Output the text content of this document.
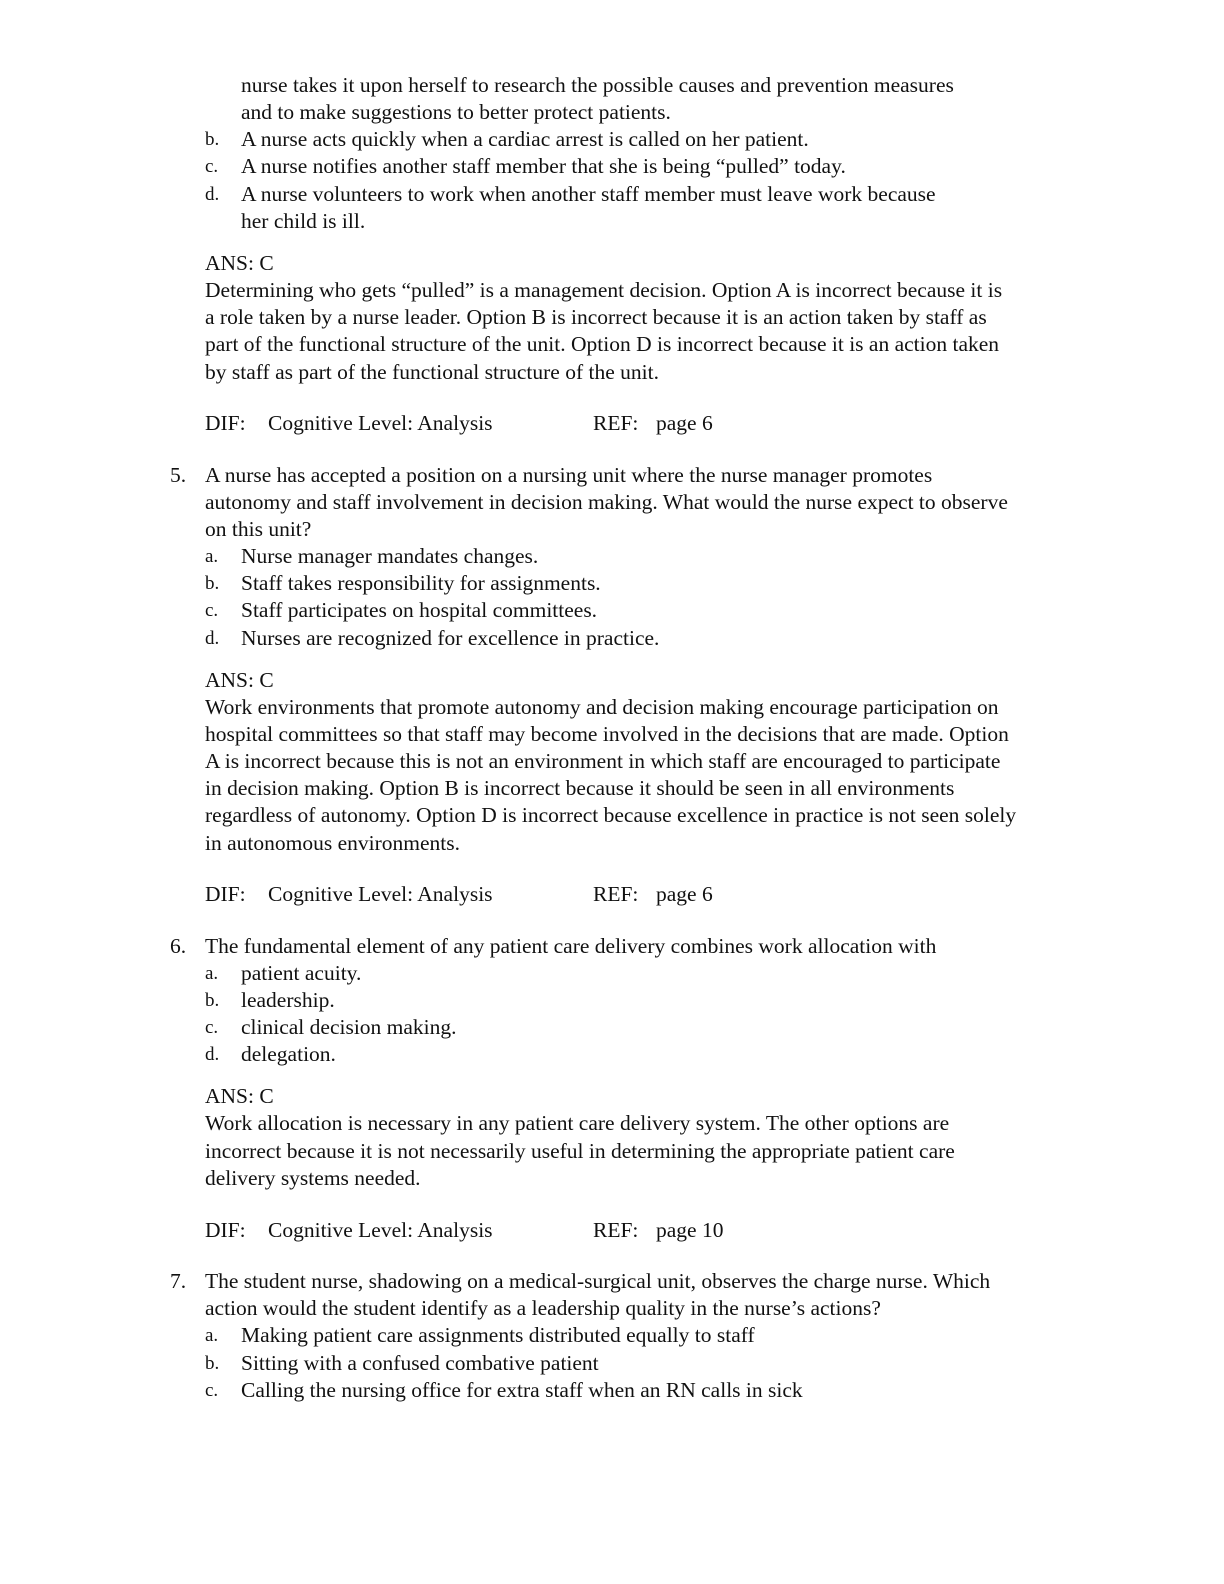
nurse takes it upon herself to research the possible causes and prevention measures
and to make suggestions to better protect patients.
b. A nurse acts quickly when a cardiac arrest is called on her patient.
c. A nurse notifies another staff member that she is being “pulled” today.
d. A nurse volunteers to work when another staff member must leave work because
her child is ill.
ANS: C
Determining who gets “pulled” is a management decision. Option A is incorrect because it is
a role taken by a nurse leader. Option B is incorrect because it is an action taken by staff as
part of the functional structure of the unit. Option D is incorrect because it is an action taken
by staff as part of the functional structure of the unit.
DIF: Cognitive Level: Analysis	REF: page 6
5. A nurse has accepted a position on a nursing unit where the nurse manager promotes
autonomy and staff involvement in decision making. What would the nurse expect to observe
on this unit?
a. Nurse manager mandates changes.
b. Staff takes responsibility for assignments.
c. Staff participates on hospital committees.
d. Nurses are recognized for excellence in practice.
ANS: C
Work environments that promote autonomy and decision making encourage participation on
hospital committees so that staff may become involved in the decisions that are made. Option
A is incorrect because this is not an environment in which staff are encouraged to participate
in decision making. Option B is incorrect because it should be seen in all environments
regardless of autonomy. Option D is incorrect because excellence in practice is not seen solely
in autonomous environments.
DIF: Cognitive Level: Analysis	REF: page 6
6. The fundamental element of any patient care delivery combines work allocation with
a. patient acuity.
b. leadership.
c. clinical decision making.
d. delegation.
ANS: C
Work allocation is necessary in any patient care delivery system. The other options are
incorrect because it is not necessarily useful in determining the appropriate patient care
delivery systems needed.
DIF: Cognitive Level: Analysis	REF: page 10
7. The student nurse, shadowing on a medical-surgical unit, observes the charge nurse. Which
action would the student identify as a leadership quality in the nurse’s actions?
a. Making patient care assignments distributed equally to staff
b. Sitting with a confused combative patient
c. Calling the nursing office for extra staff when an RN calls in sick
